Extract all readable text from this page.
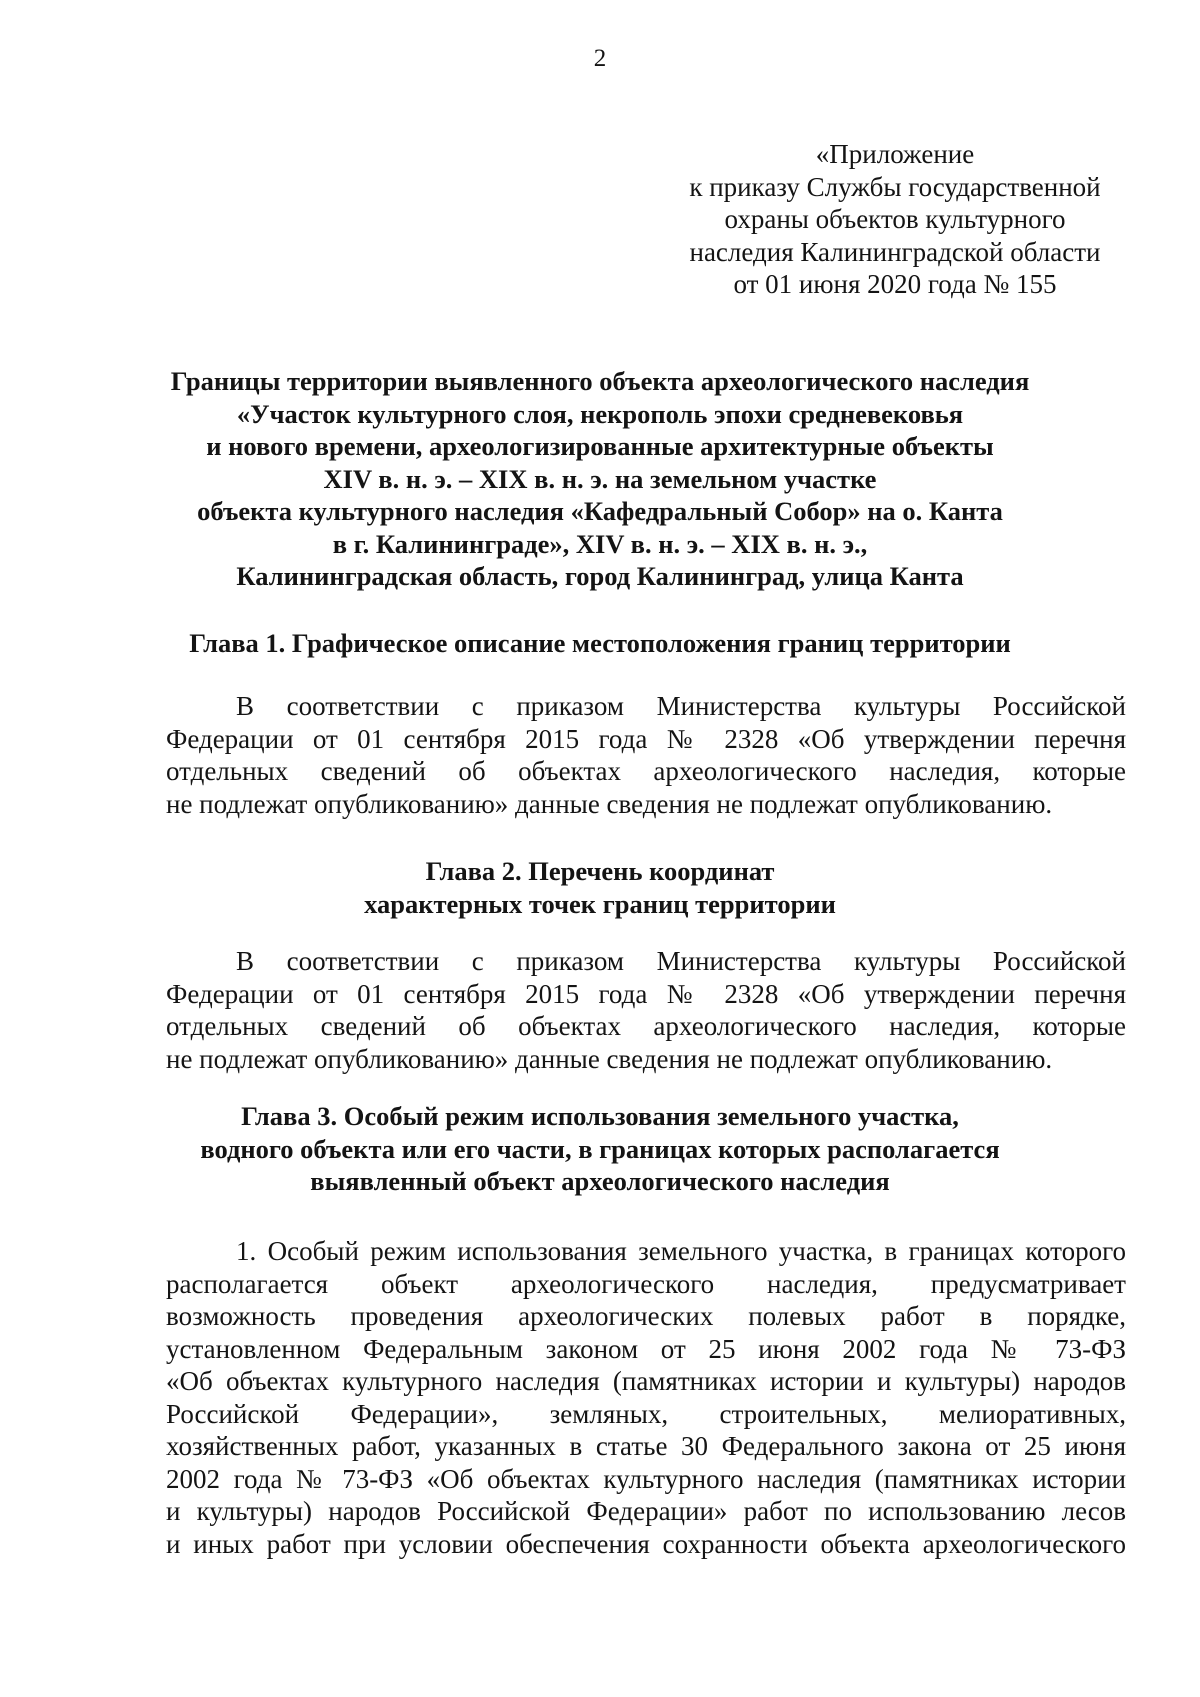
2
«Приложение
к приказу Службы государственной
охраны объектов культурного
наследия Калининградской области
от 01 июня 2020 года № 155
Границы территории выявленного объекта археологического наследия
«Участок культурного слоя, некрополь эпохи средневековья
и нового времени, археологизированные архитектурные объекты
XIV в. н. э. – XIX в. н. э. на земельном участке
объекта культурного наследия «Кафедральный Собор» на о. Канта
в г. Калининграде», XIV в. н. э. – XIX в. н. э.,
Калининградская область, город Калининград, улица Канта
Глава 1. Графическое описание местоположения границ территории
В соответствии с приказом Министерства культуры Российской
Федерации от 01 сентября 2015 года № 2328 «Об утверждении перечня
отдельных сведений об объектах археологического наследия, которые
не подлежат опубликованию» данные сведения не подлежат опубликованию.
Глава 2. Перечень координат
характерных точек границ территории
В соответствии с приказом Министерства культуры Российской
Федерации от 01 сентября 2015 года № 2328 «Об утверждении перечня
отдельных сведений об объектах археологического наследия, которые
не подлежат опубликованию» данные сведения не подлежат опубликованию.
Глава 3. Особый режим использования земельного участка,
водного объекта или его части, в границах которых располагается
выявленный объект археологического наследия
1. Особый режим использования земельного участка, в границах которого
располагается объект археологического наследия, предусматривает
возможность проведения археологических полевых работ в порядке,
установленном Федеральным законом от 25 июня 2002 года № 73-ФЗ
«Об объектах культурного наследия (памятниках истории и культуры) народов
Российской Федерации», земляных, строительных, мелиоративных,
хозяйственных работ, указанных в статье 30 Федерального закона от 25 июня
2002 года № 73-ФЗ «Об объектах культурного наследия (памятниках истории
и культуры) народов Российской Федерации» работ по использованию лесов
и иных работ при условии обеспечения сохранности объекта археологического
